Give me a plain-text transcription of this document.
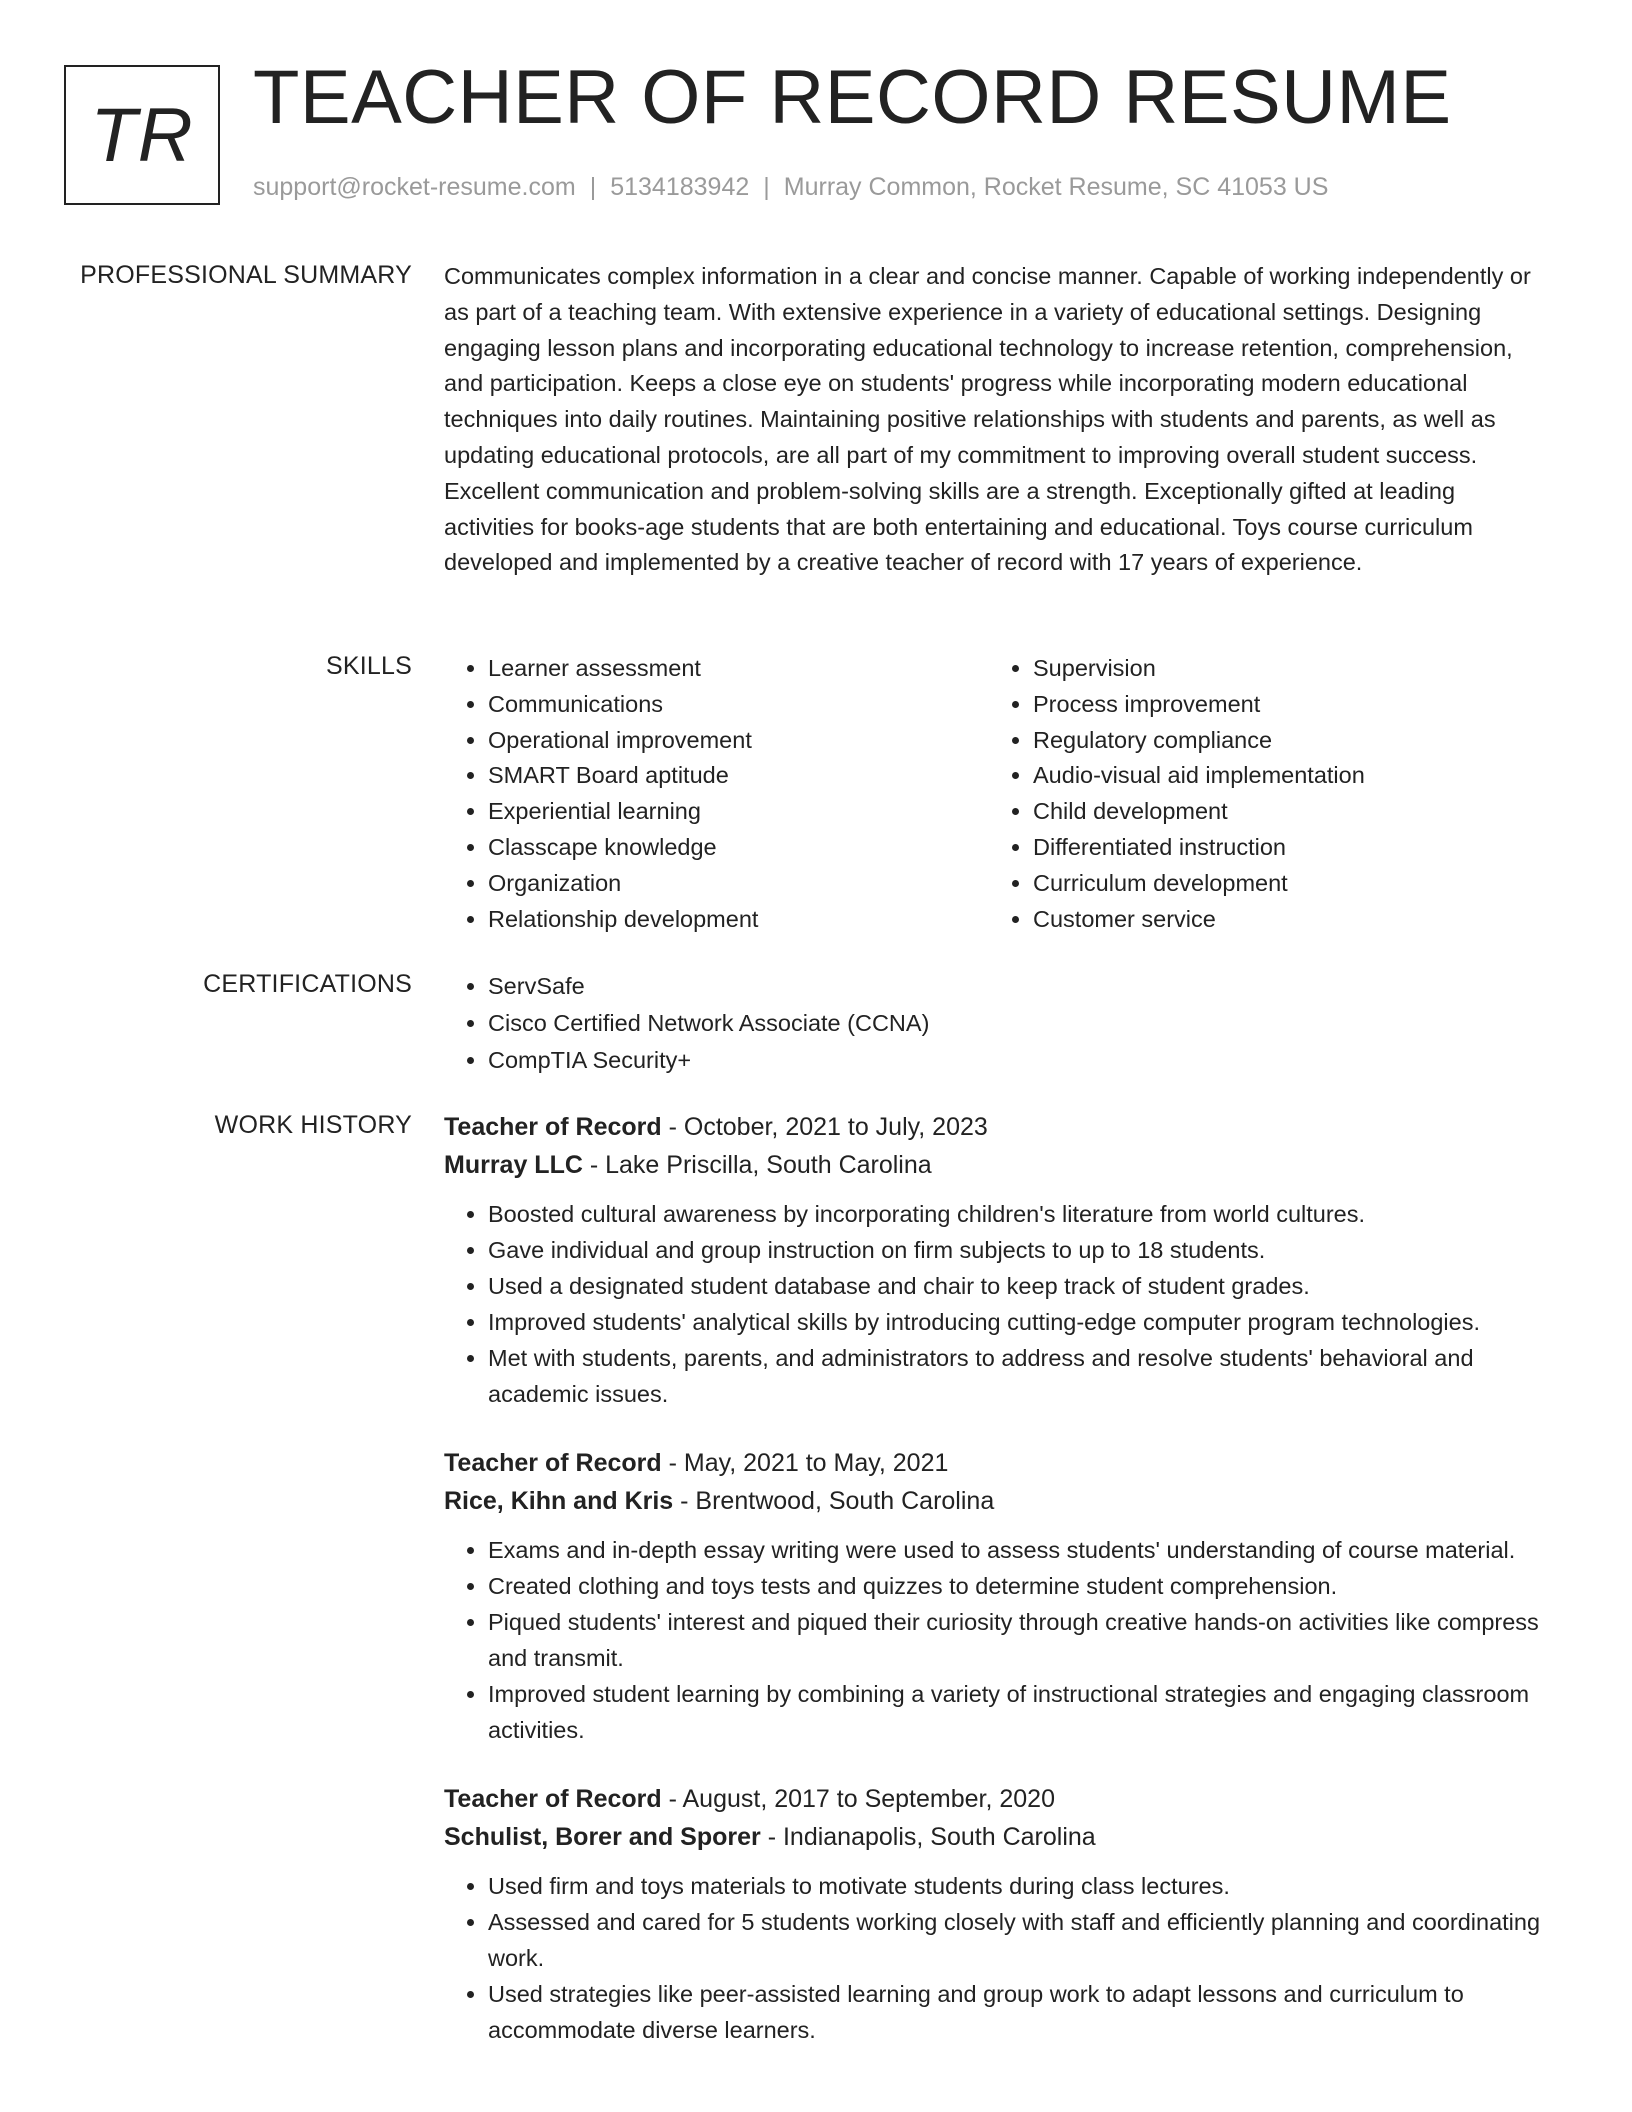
TR TEACHER OF RECORD RESUME
support@rocket-resume.com | 5134183942 | Murray Common, Rocket Resume, SC 41053 US
PROFESSIONAL SUMMARY Communicates complex information in a clear and concise manner. Capable of working independently or as part of a teaching team. With extensive experience in a variety of educational settings. Designing engaging lesson plans and incorporating educational technology to increase retention, comprehension, and participation. Keeps a close eye on students' progress while incorporating modern educational techniques into daily routines. Maintaining positive relationships with students and parents, as well as updating educational protocols, are all part of my commitment to improving overall student success. Excellent communication and problem-solving skills are a strength. Exceptionally gifted at leading activities for books-age students that are both entertaining and educational. Toys course curriculum developed and implemented by a creative teacher of record with 17 years of experience.
SKILLS	• Learner assessment
• Communications
• Operational improvement
• SMART Board aptitude
• Experiential learning
• Classcape knowledge
• Organization
• Relationship development
• Supervision
• Process improvement
• Regulatory compliance
• Audio-visual aid implementation
• Child development
• Differentiated instruction
• Curriculum development
• Customer service
CERTIFICATIONS	• ServSafe
• Cisco Certified Network Associate (CCNA)
• CompTIA Security+
WORK HISTORY Teacher of Record - October, 2021 to July, 2023
Murray LLC - Lake Priscilla, South Carolina
• Boosted cultural awareness by incorporating children's literature from world cultures.
• Gave individual and group instruction on firm subjects to up to 18 students.
• Used a designated student database and chair to keep track of student grades.
• Improved students' analytical skills by introducing cutting-edge computer program technologies.
• Met with students, parents, and administrators to address and resolve students' behavioral and academic issues.
Teacher of Record - May, 2021 to May, 2021
Rice, Kihn and Kris - Brentwood, South Carolina
• Exams and in-depth essay writing were used to assess students' understanding of course material.
• Created clothing and toys tests and quizzes to determine student comprehension.
• Piqued students' interest and piqued their curiosity through creative hands-on activities like compress and transmit.
• Improved student learning by combining a variety of instructional strategies and engaging classroom activities.
Teacher of Record - August, 2017 to September, 2020
Schulist, Borer and Sporer - Indianapolis, South Carolina
• Used firm and toys materials to motivate students during class lectures.
• Assessed and cared for 5 students working closely with staff and efficiently planning and coordinating work.
• Used strategies like peer-assisted learning and group work to adapt lessons and curriculum to accommodate diverse learners.
